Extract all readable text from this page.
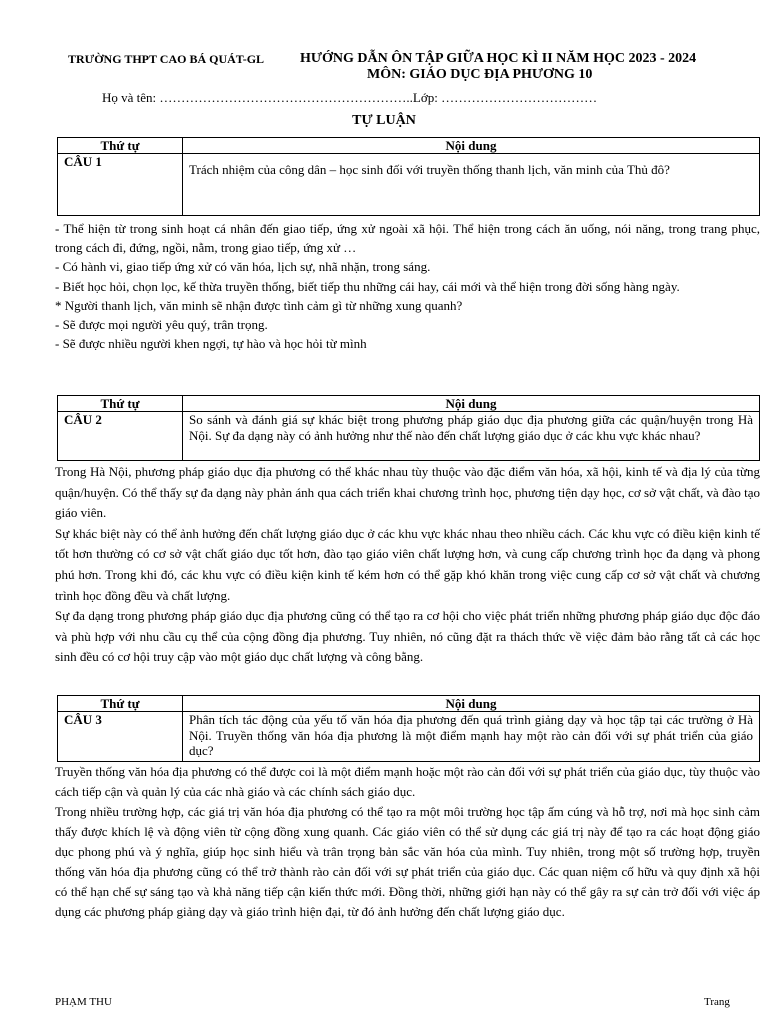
TRƯỜNG THPT CAO BÁ QUÁT-GL	HƯỚNG DẪN ÔN TẬP GIỮA HỌC KÌ II NĂM HỌC 2023 - 2024
MÔN: GIÁO DỤC ĐỊA PHƯƠNG 10
Họ và tên: …………………………………………………..Lớp: ………………………………
TỰ LUẬN
Thứ tự	Nội dung
CÂU 1	Trách nhiệm của công dân – học sinh đối với truyền thống thanh lịch, văn minh của Thủ đô?

- Thể hiện từ trong sinh hoạt cá nhân đến giao tiếp, ứng xử ngoài xã hội. Thể hiện trong cách ăn uống, nói năng, trong trang phục, trong cách đi, đứng, ngồi, nằm, trong giao tiếp, ứng xử …

- Có hành vi, giao tiếp ứng xử có văn hóa, lịch sự, nhã nhặn, trong sáng.

- Biết học hỏi, chọn lọc, kế thừa truyền thống, biết tiếp thu những cái hay, cái mới và thể hiện trong đời sống hàng ngày.

* Người thanh lịch, văn minh sẽ nhận được tình cảm gì từ những xung quanh?

- Sẽ được mọi người yêu quý, trân trọng.

- Sẽ được nhiều người khen ngợi, tự hào và học hỏi từ mình

Thứ tự	Nội dung
CÂU 2	So sánh và đánh giá sự khác biệt trong phương pháp giáo dục địa phương giữa các quận/huyện trong Hà Nội. Sự đa dạng này có ảnh hưởng như thế nào đến chất lượng giáo dục ở các khu vực khác nhau?

Trong Hà Nội, phương pháp giáo dục địa phương có thể khác nhau tùy thuộc vào đặc điểm văn hóa, xã hội, kinh tế và địa lý của từng quận/huyện. Có thể thấy sự đa dạng này phản ánh qua cách triển khai chương trình học, phương tiện dạy học, cơ sở vật chất, và đào tạo giáo viên.

Sự khác biệt này có thể ảnh hưởng đến chất lượng giáo dục ở các khu vực khác nhau theo nhiều cách. Các khu vực có điều kiện kinh tế tốt hơn thường có cơ sở vật chất giáo dục tốt hơn, đào tạo giáo viên chất lượng hơn, và cung cấp chương trình học đa dạng và phong phú hơn. Trong khi đó, các khu vực có điều kiện kinh tế kém hơn có thể gặp khó khăn trong việc cung cấp cơ sở vật chất và chương trình học đồng đều và chất lượng.

Sự đa dạng trong phương pháp giáo dục địa phương cũng có thể tạo ra cơ hội cho việc phát triển những phương pháp giáo dục độc đáo và phù hợp với nhu cầu cụ thể của cộng đồng địa phương. Tuy nhiên, nó cũng đặt ra thách thức về việc đảm bảo rằng tất cả các học sinh đều có cơ hội truy cập vào một giáo dục chất lượng và công bằng.

Thứ tự	Nội dung
CÂU 3	Phân tích tác động của yếu tố văn hóa địa phương đến quá trình giảng dạy và học tập tại các trường ở Hà Nội. Truyền thống văn hóa địa phương là một điểm mạnh hay một rào cản đối với sự phát triển của giáo dục?

Truyền thống văn hóa địa phương có thể được coi là một điểm mạnh hoặc một rào cản đối với sự phát triển của giáo dục, tùy thuộc vào cách tiếp cận và quản lý của các nhà giáo và các chính sách giáo dục.

Trong nhiều trường hợp, các giá trị văn hóa địa phương có thể tạo ra một môi trường học tập ấm cúng và hỗ trợ, nơi mà học sinh cảm thấy được khích lệ và động viên từ cộng đồng xung quanh. Các giáo viên có thể sử dụng các giá trị này để tạo ra các hoạt động giáo dục phong phú và ý nghĩa, giúp học sinh hiểu và trân trọng bản sắc văn hóa của mình. Tuy nhiên, trong một số trường hợp, truyền thống văn hóa địa phương cũng có thể trở thành rào cản đối với sự phát triển của giáo dục. Các quan niệm cố hữu và quy định xã hội có thể hạn chế sự sáng tạo và khả năng tiếp cận kiến thức mới. Đồng thời, những giới hạn này có thể gây ra sự cản trở đối với việc áp dụng các phương pháp giảng dạy và giáo trình hiện đại, từ đó ảnh hưởng đến chất lượng giáo dục.

PHẠM THU	Trang
